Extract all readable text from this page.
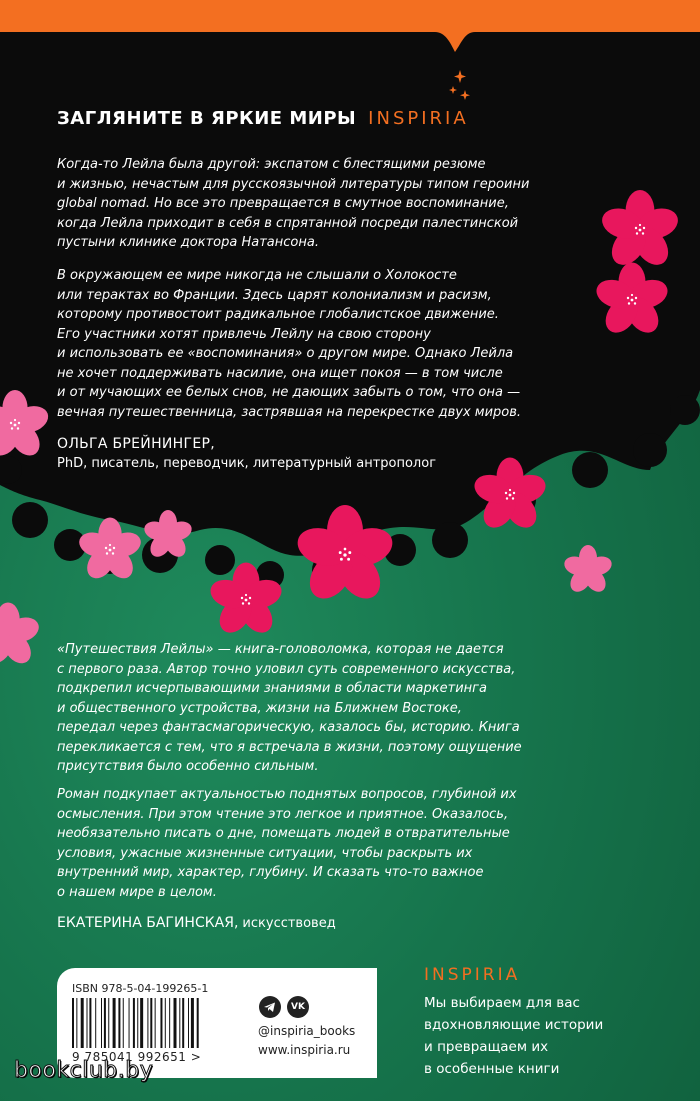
ЗАГЛЯНИТЕ В ЯРКИЕ МИРЫ INSPIRIA
Когда-то Лейла была другой: экспатом с блестящими резюме
и жизнью, нечастым для русскоязычной литературы типом героини
global nomad. Но все это превращается в смутное воспоминание,
когда Лейла приходит в себя в спрятанной посреди палестинской
пустыни клинике доктора Натансона.
В окружающем ее мире никогда не слышали о Холокосте
или терактах во Франции. Здесь царят колониализм и расизм,
которому противостоит радикальное глобалистское движение.
Его участники хотят привлечь Лейлу на свою сторону
и использовать ее «воспоминания» о другом мире. Однако Лейла
не хочет поддерживать насилие, она ищет покоя — в том числе
и от мучающих ее белых снов, не дающих забыть о том, что она —
вечная путешественница, застрявшая на перекрестке двух миров.
ОЛЬГА БРЕЙНИНГЕР,
PhD, писатель, переводчик, литературный антрополог
«Путешествия Лейлы» — книга-головоломка, которая не дается
с первого раза. Автор точно уловил суть современного искусства,
подкрепил исчерпывающими знаниями в области маркетинга
и общественного устройства, жизни на Ближнем Востоке,
передал через фантасмагорическую, казалось бы, историю. Книга
перекликается с тем, что я встречала в жизни, поэтому ощущение
присутствия было особенно сильным.
Роман подкупает актуальностью поднятых вопросов, глубиной их
осмысления. При этом чтение это легкое и приятное. Оказалось,
необязательно писать о дне, помещать людей в отвратительные
условия, ужасные жизненные ситуации, чтобы раскрыть их
внутренний мир, характер, глубину. И сказать что-то важное
о нашем мире в целом.
ЕКАТЕРИНА БАГИНСКАЯ, искусствовед
ISBN 978-5-04-199265-1
9 785041 992651 >
VK
@inspiria_books
www.inspiria.ru
INSPIRIA
Мы выбираем для вас
вдохновляющие истории
и превращаем их
в особенные книги
bookclub.by
